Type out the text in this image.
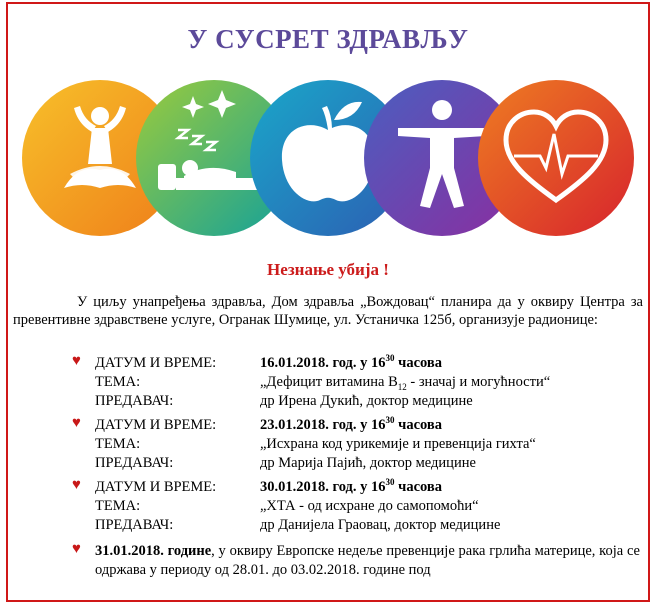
У СУСРЕТ ЗДРАВЉУ
Незнање убија !
У циљу унапређења здравља, Дом здравља „Вождовац“ планира да у оквиру Центра за превентивне здравствене услуге, Огранак Шумице, ул. Устаничка 125б, организује радионице:
♥ ДАТУМ И ВРЕМЕ:	16.01.2018. год. у $16^{30}$ часова
ТЕМА:	„Дефицит витамина $B_{12}$ - значај и могућности“
ПРЕДАВАЧ:	др Ирена Дукић, доктор медицине
♥ ДАТУМ И ВРЕМЕ:	23.01.2018. год. у $16^{30}$ часова
ТЕМА:	„Исхрана код урикемије и превенција гихта“
ПРЕДАВАЧ:	др Марија Пајић, доктор медицине
♥ ДАТУМ И ВРЕМЕ:	30.01.2018. год. у $16^{30}$ часова
ТЕМА:	„ХТА - од исхране до самопомоћи“
ПРЕДАВАЧ:	др Данијела Граовац, доктор медицине
♥ 31.01.2018. године, у оквиру Европске недеље превенције рака грлића материце, која се одржава у периоду од 28.01. до 03.02.2018. године под
